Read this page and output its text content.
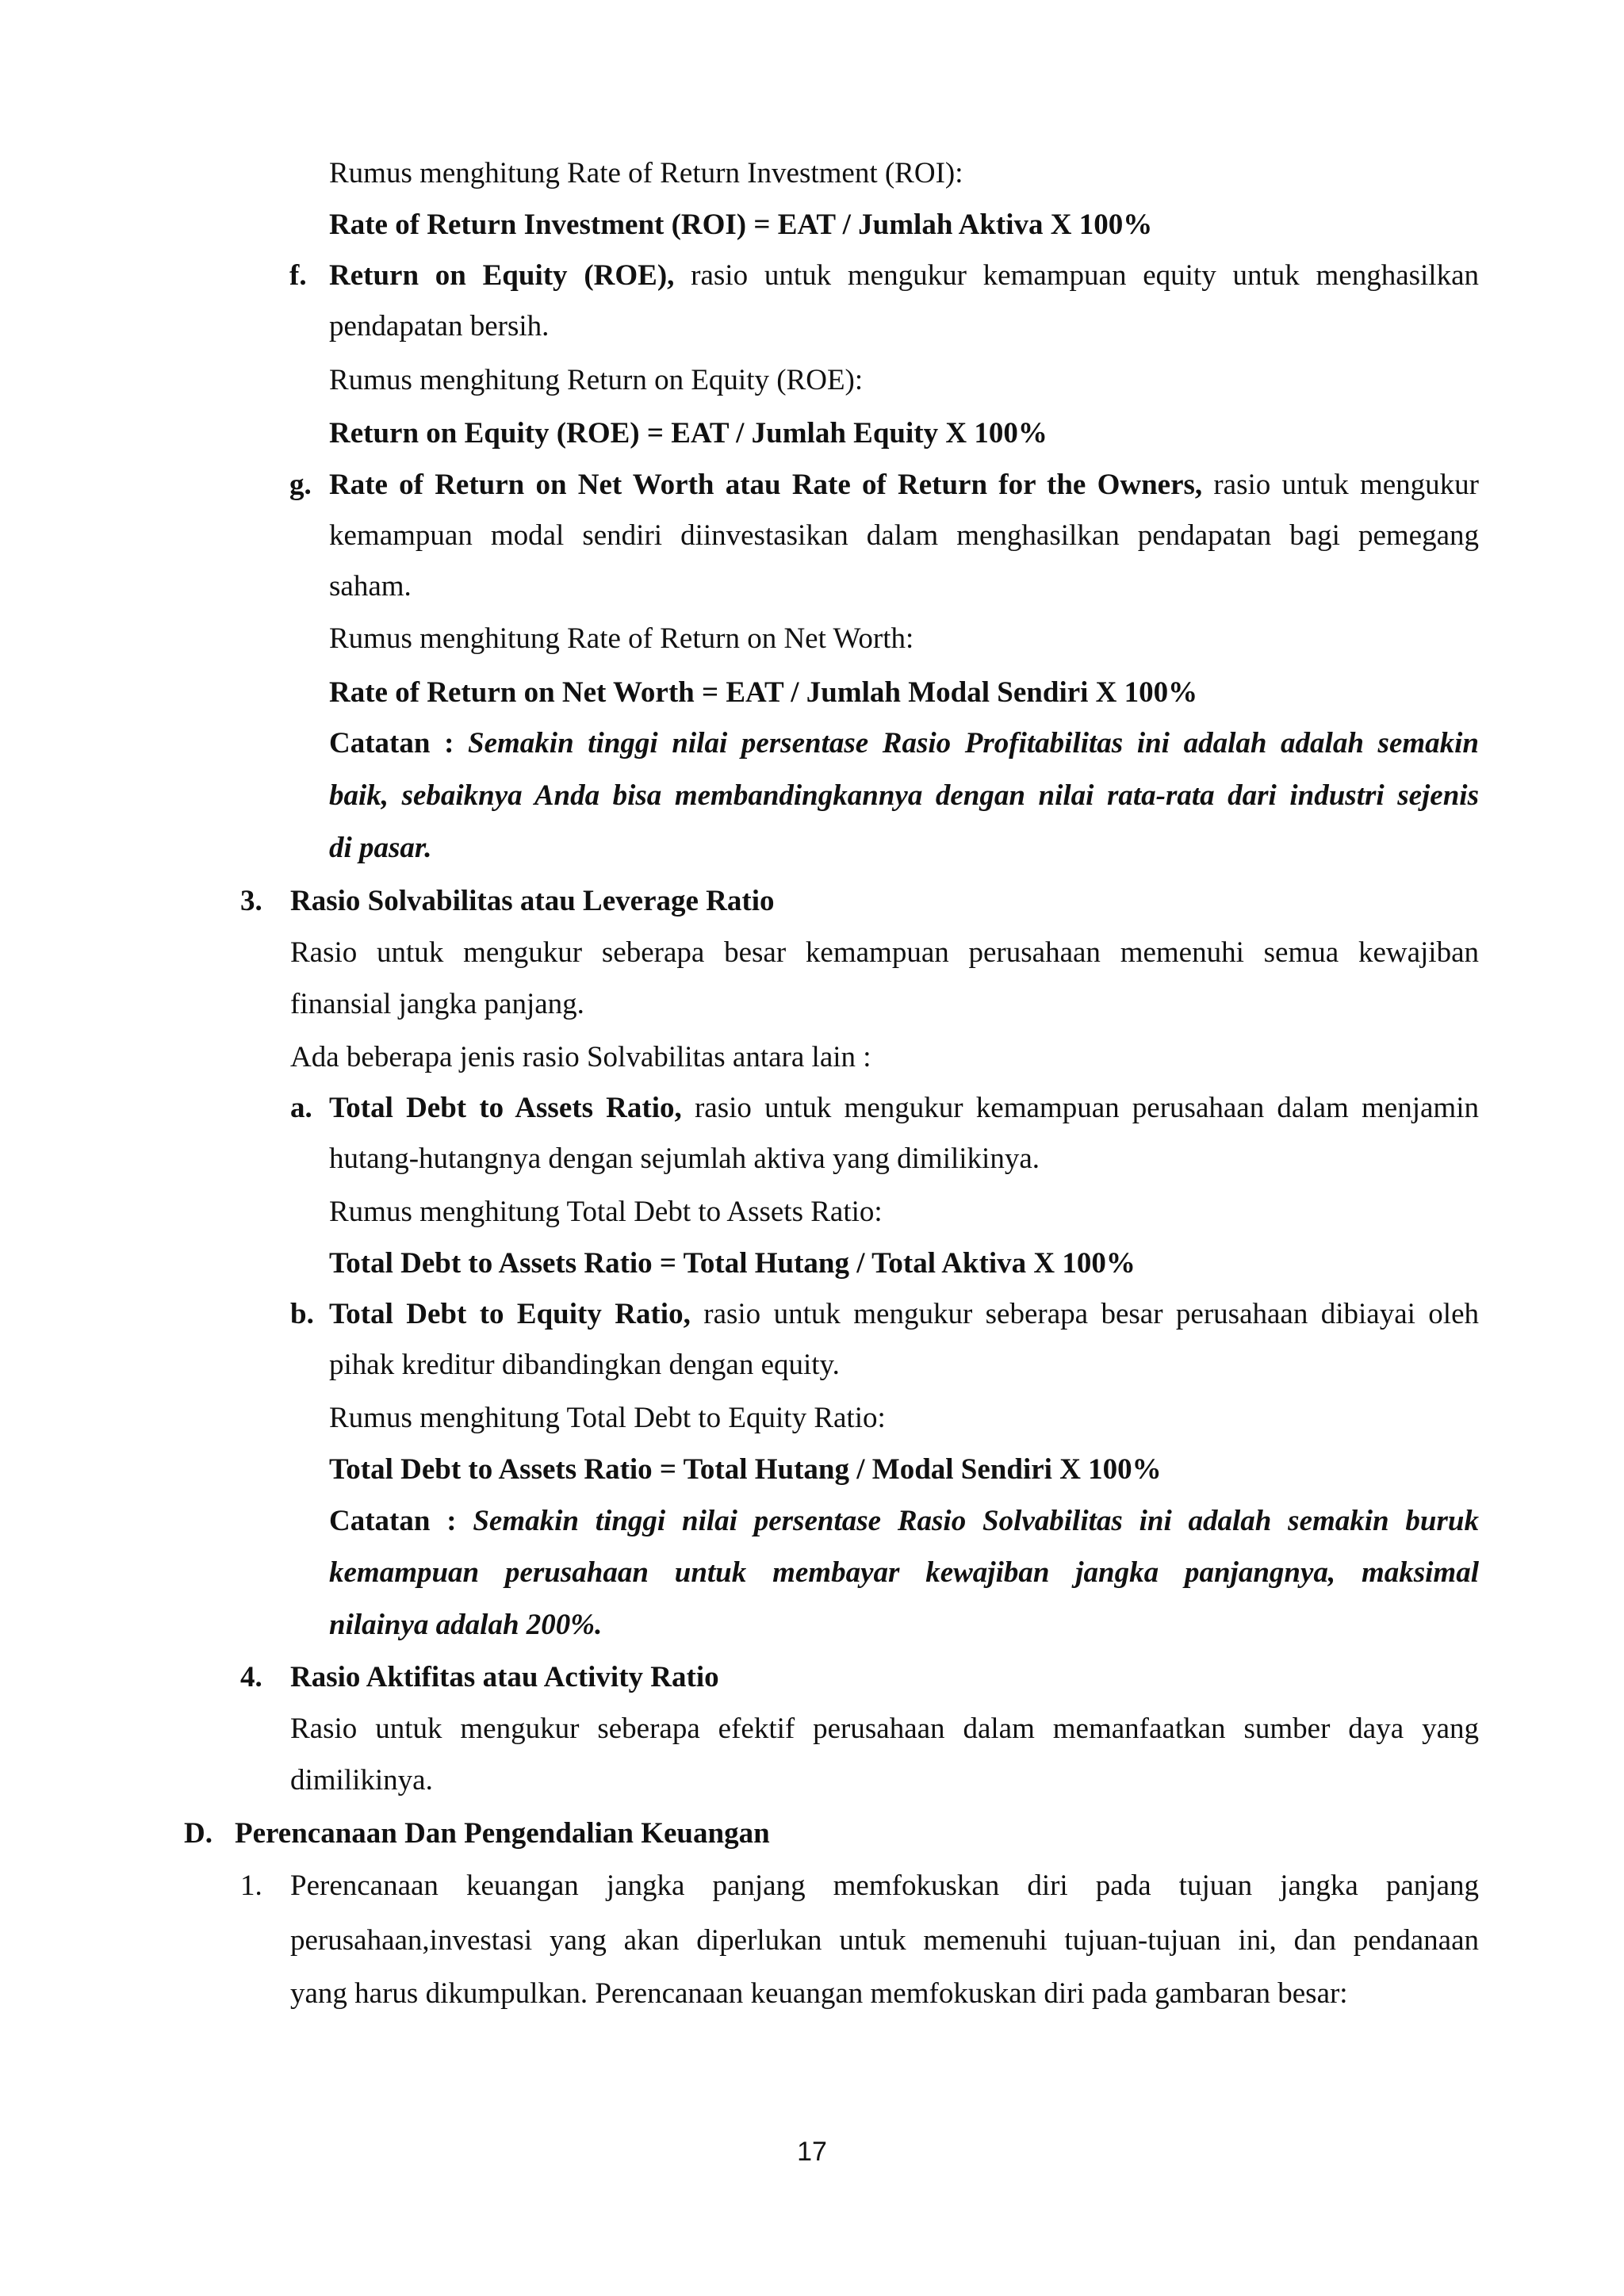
Rumus menghitung Rate of Return Investment (ROI):
Rate of Return Investment (ROI) = EAT / Jumlah Aktiva X 100%
f. Return on Equity (ROE), rasio untuk mengukur kemampuan equity untuk menghasilkan
pendapatan bersih.
Rumus menghitung Return on Equity (ROE):
Return on Equity (ROE) = EAT / Jumlah Equity X 100%
g. Rate of Return on Net Worth atau Rate of Return for the Owners, rasio untuk mengukur
kemampuan modal sendiri diinvestasikan dalam menghasilkan pendapatan bagi pemegang
saham.
Rumus menghitung Rate of Return on Net Worth:
Rate of Return on Net Worth = EAT / Jumlah Modal Sendiri X 100%
Catatan : Semakin tinggi nilai persentase Rasio Profitabilitas ini adalah adalah semakin
baik, sebaiknya Anda bisa membandingkannya dengan nilai rata-rata dari industri sejenis
di pasar.
3. Rasio Solvabilitas atau Leverage Ratio
Rasio untuk mengukur seberapa besar kemampuan perusahaan memenuhi semua kewajiban
finansial jangka panjang.
Ada beberapa jenis rasio Solvabilitas antara lain :
a. Total Debt to Assets Ratio, rasio untuk mengukur kemampuan perusahaan dalam menjamin
hutang-hutangnya dengan sejumlah aktiva yang dimilikinya.
Rumus menghitung Total Debt to Assets Ratio:
Total Debt to Assets Ratio = Total Hutang / Total Aktiva X 100%
b. Total Debt to Equity Ratio, rasio untuk mengukur seberapa besar perusahaan dibiayai oleh
pihak kreditur dibandingkan dengan equity.
Rumus menghitung Total Debt to Equity Ratio:
Total Debt to Assets Ratio = Total Hutang / Modal Sendiri X 100%
Catatan : Semakin tinggi nilai persentase Rasio Solvabilitas ini adalah semakin buruk
kemampuan perusahaan untuk membayar kewajiban jangka panjangnya, maksimal
nilainya adalah 200%.
4. Rasio Aktifitas atau Activity Ratio
Rasio untuk mengukur seberapa efektif perusahaan dalam memanfaatkan sumber daya yang
dimilikinya.
D. Perencanaan Dan Pengendalian Keuangan
1. Perencanaan keuangan jangka panjang memfokuskan diri pada tujuan jangka panjang
perusahaan,investasi yang akan diperlukan untuk memenuhi tujuan-tujuan ini, dan pendanaan
yang harus dikumpulkan. Perencanaan keuangan memfokuskan diri pada gambaran besar:
17
